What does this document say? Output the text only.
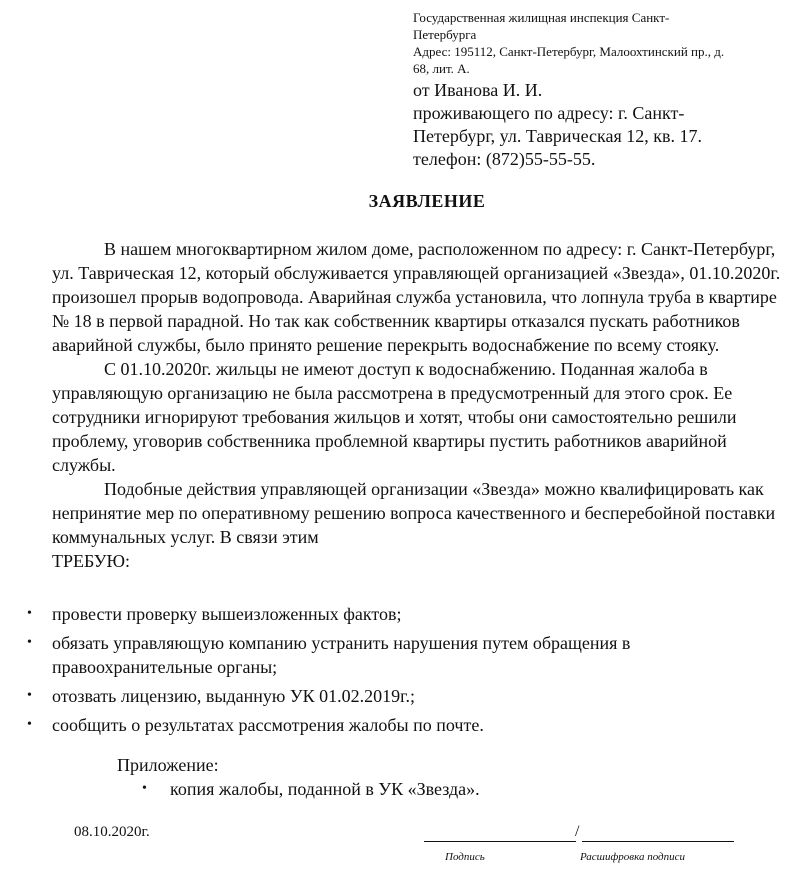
Государственная жилищная инспекция Санкт-

Петербурга

Адрес: 195112, Санкт-Петербург, Малоохтинский пр., д.

68, лит. А.

от Иванова И. И.

проживающего по адресу: г. Санкт-

Петербург, ул. Таврическая 12, кв. 17.

телефон: (872)55-55-55.

ЗАЯВЛЕНИЕ

В нашем многоквартирном жилом доме, расположенном по адресу: г. Санкт-Петербург, ул. Таврическая 12, который обслуживается управляющей организацией «Звезда», 01.10.2020г. произошел прорыв водопровода. Аварийная служба установила, что лопнула труба в квартире № 18 в первой парадной. Но так как собственник квартиры отказался пускать работников аварийной службы, было принято решение перекрыть водоснабжение по всему стояку.

С 01.10.2020г. жильцы не имеют доступ к водоснабжению. Поданная жалоба в управляющую организацию не была рассмотрена в предусмотренный для этого срок. Ее сотрудники игнорируют требования жильцов и хотят, чтобы они самостоятельно решили проблему, уговорив собственника проблемной квартиры пустить работников аварийной службы.

Подобные действия управляющей организации «Звезда» можно квалифицировать как непринятие мер по оперативному решению вопроса качественного и бесперебойной поставки коммунальных услуг. В связи этим

ТРЕБУЮ:

• провести проверку вышеизложенных фактов;
• обязать управляющую компанию устранить нарушения путем обращения в правоохранительные органы;
• отозвать лицензию, выданную УК 01.02.2019г.;
• сообщить о результатах рассмотрения жалобы по почте.
Приложение:
• копия жалобы, поданной в УК «Звезда».
08.10.2020г.	/
Подпись	Расшифровка подписи
